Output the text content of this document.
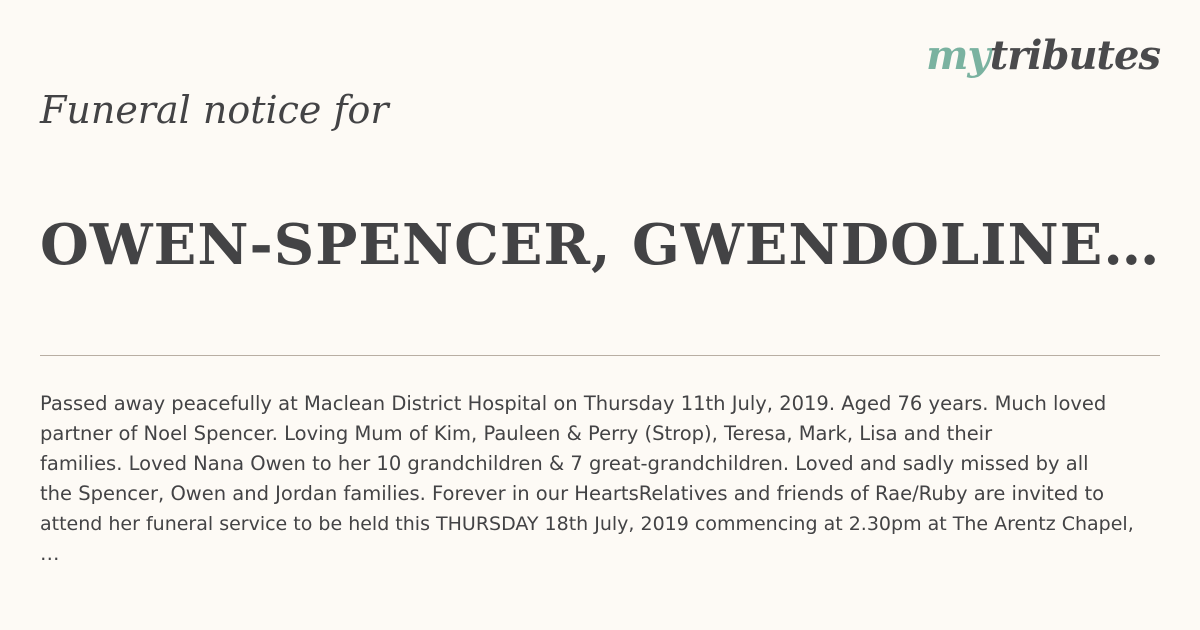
mytributes
Funeral notice for
OWEN-SPENCER, GWENDOLINE…

Passed away peacefully at Maclean District Hospital on Thursday 11th July, 2019. Aged 76 years. Much loved
partner of Noel Spencer. Loving Mum of Kim, Pauleen & Perry (Strop), Teresa, Mark, Lisa and their
families. Loved Nana Owen to her 10 grandchildren & 7 great-grandchildren. Loved and sadly missed by all
the Spencer, Owen and Jordan families. Forever in our HeartsRelatives and friends of Rae/Ruby are invited to
attend her funeral service to be held this THURSDAY 18th July, 2019 commencing at 2.30pm at The Arentz Chapel,
…
